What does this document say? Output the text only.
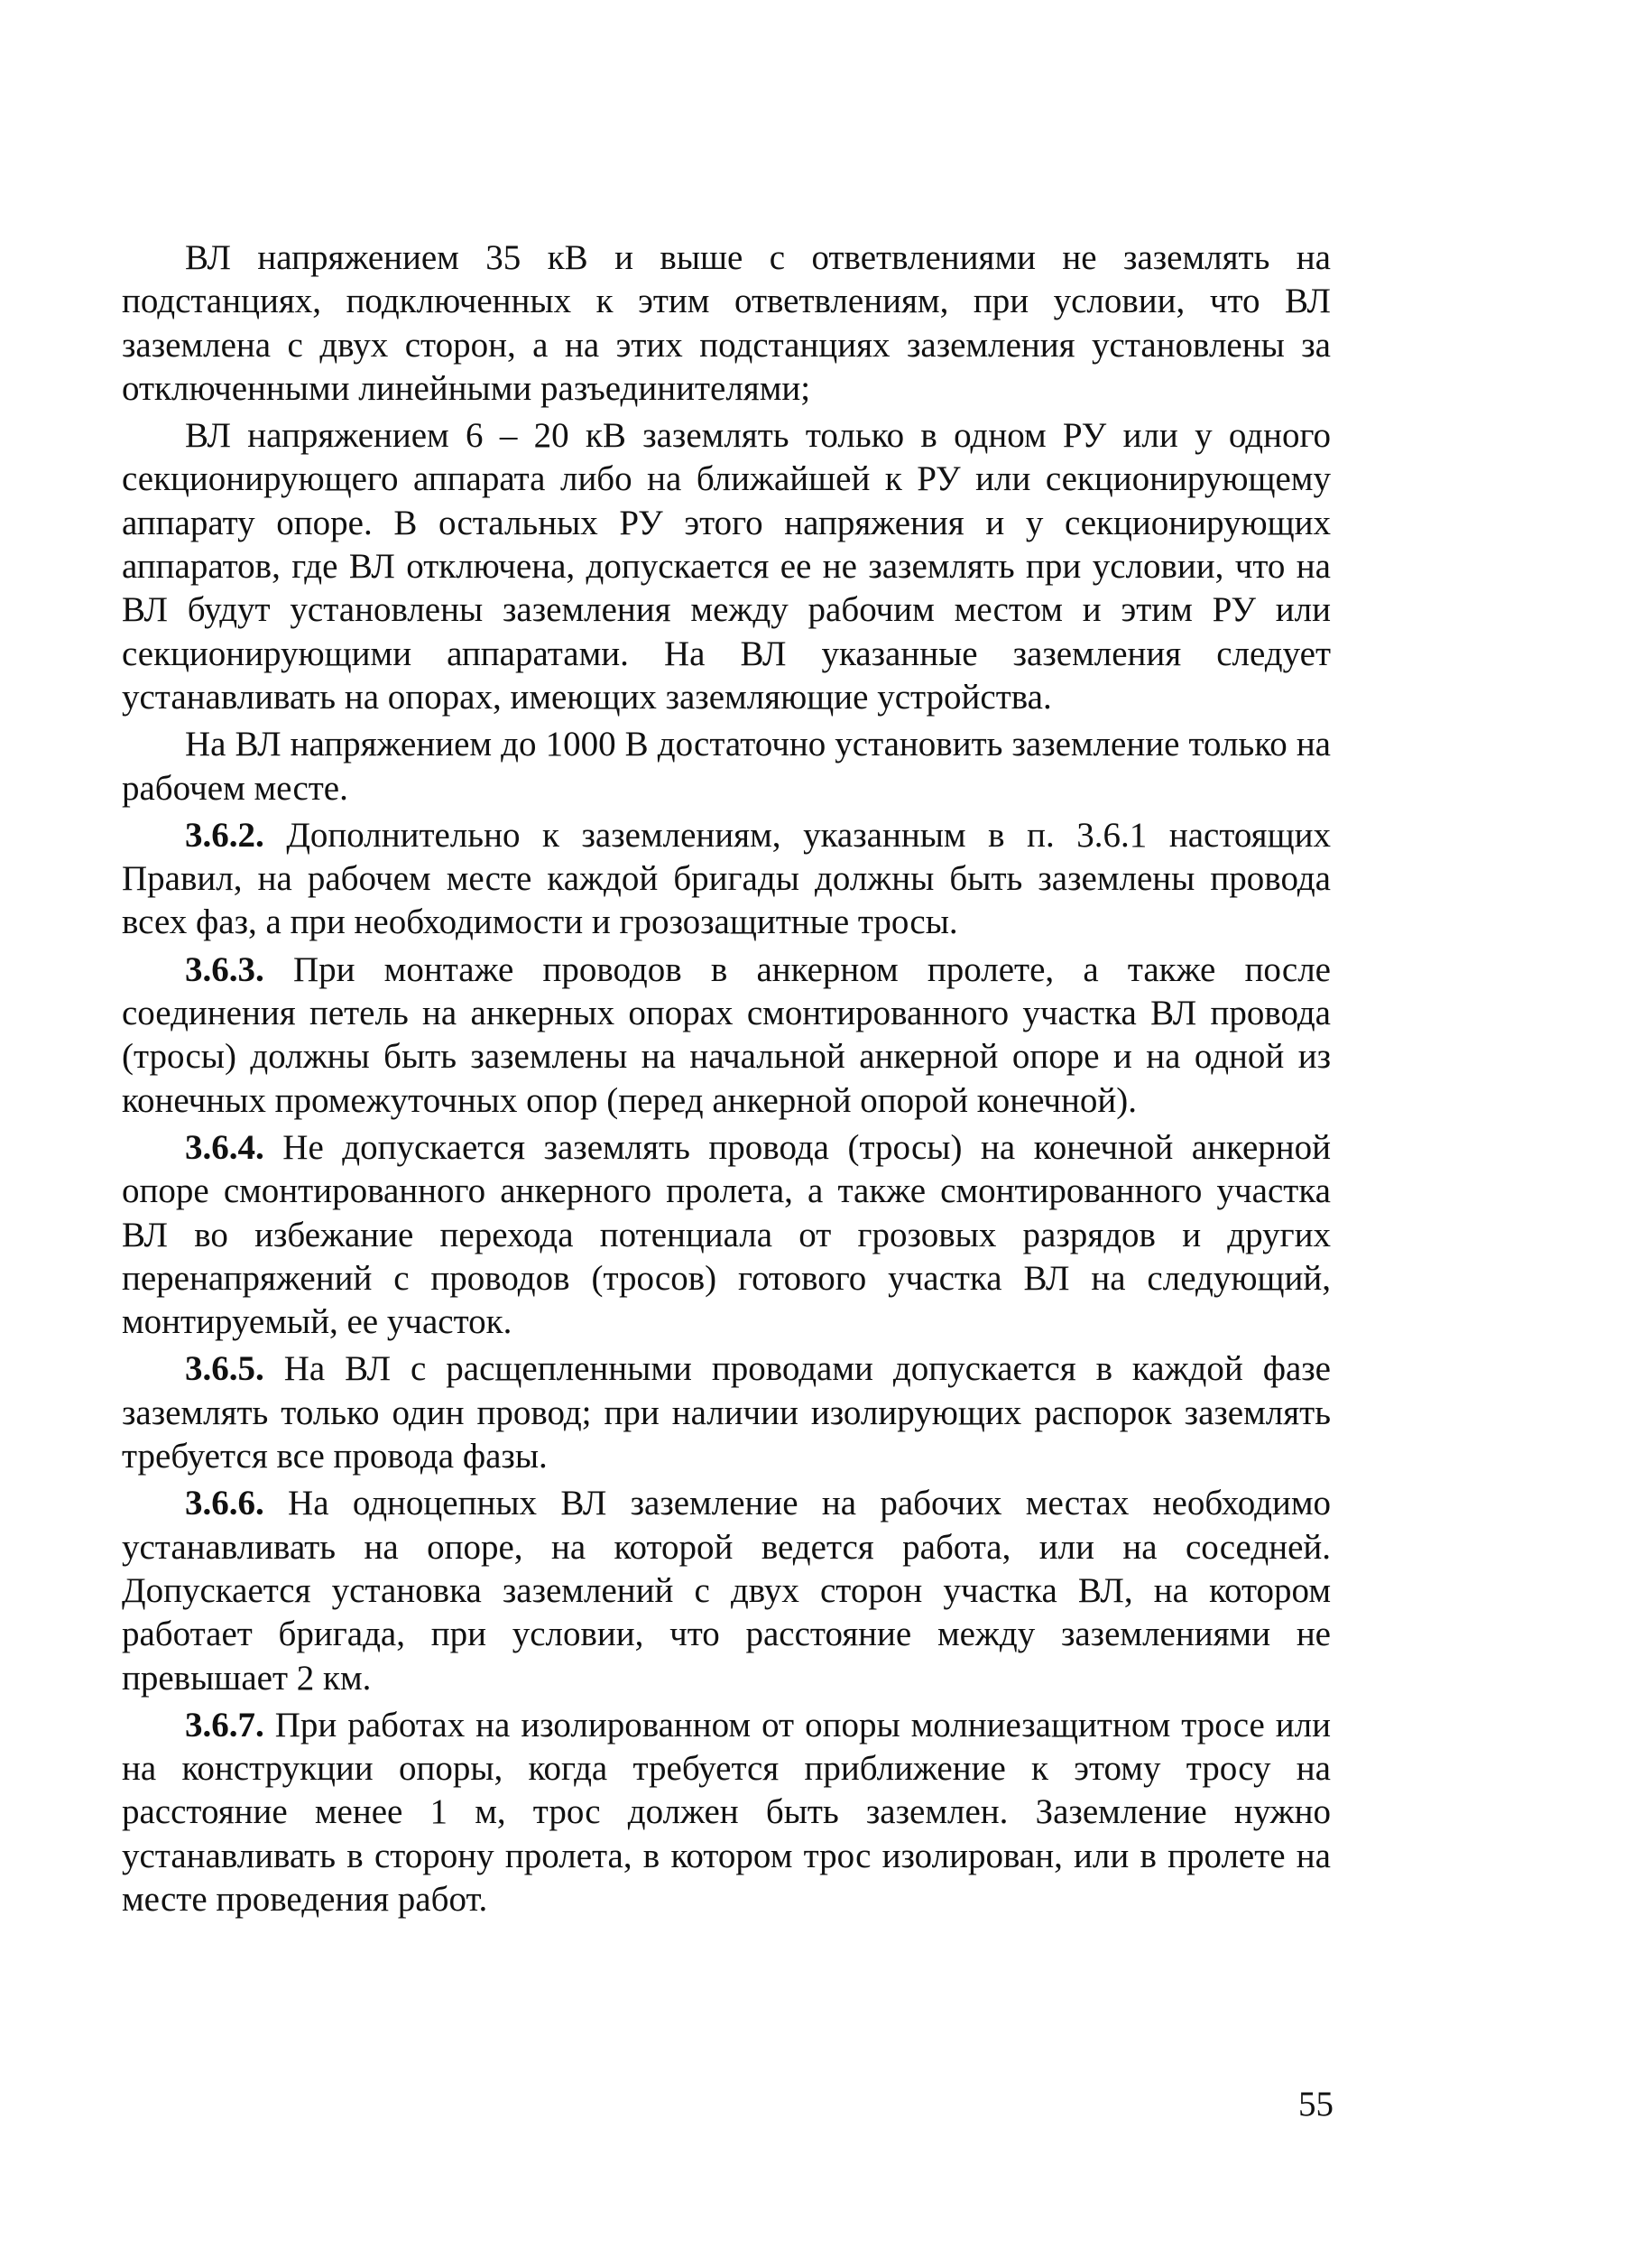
ВЛ напряжением 35 кВ и выше с ответвлениями не заземлять на подстанциях, подключенных к этим ответвлениям, при условии, что ВЛ заземлена с двух сторон, а на этих подстанциях заземления установлены за отключенными линейными разъединителями;

ВЛ напряжением 6 – 20 кВ заземлять только в одном РУ или у одного секционирующего аппарата либо на ближайшей к РУ или секционирующему аппарату опоре. В остальных РУ этого напряжения и у секционирующих аппаратов, где ВЛ отключена, допускается ее не заземлять при условии, что на ВЛ будут установлены заземления между рабочим местом и этим РУ или секционирующими аппаратами. На ВЛ указанные заземления следует устанавливать на опорах, имеющих заземляющие устройства.

На ВЛ напряжением до 1000 В достаточно установить заземление только на рабочем месте.

3.6.2. Дополнительно к заземлениям, указанным в п. 3.6.1 настоящих Правил, на рабочем месте каждой бригады должны быть заземлены провода всех фаз, а при необходимости и грозозащитные тросы.

3.6.3. При монтаже проводов в анкерном пролете, а также после соединения петель на анкерных опорах смонтированного участка ВЛ провода (тросы) должны быть заземлены на начальной анкерной опоре и на одной из конечных промежуточных опор (перед анкерной опорой конечной).

3.6.4. Не допускается заземлять провода (тросы) на конечной анкерной опоре смонтированного анкерного пролета, а также смонтированного участка ВЛ во избежание перехода потенциала от грозовых разрядов и других перенапряжений с проводов (тросов) готового участка ВЛ на следующий, монтируемый, ее участок.

3.6.5. На ВЛ с расщепленными проводами допускается в каждой фазе заземлять только один провод; при наличии изолирующих распорок заземлять требуется все провода фазы.

3.6.6. На одноцепных ВЛ заземление на рабочих местах необходимо устанавливать на опоре, на которой ведется работа, или на соседней. Допускается установка заземлений с двух сторон участка ВЛ, на котором работает бригада, при условии, что расстояние между заземлениями не превышает 2 км.

3.6.7. При работах на изолированном от опоры молниезащитном тросе или на конструкции опоры, когда требуется приближение к этому тросу на расстояние менее 1 м, трос должен быть заземлен. Заземление нужно устанавливать в сторону пролета, в котором трос изолирован, или в пролете на месте проведения работ.

55
